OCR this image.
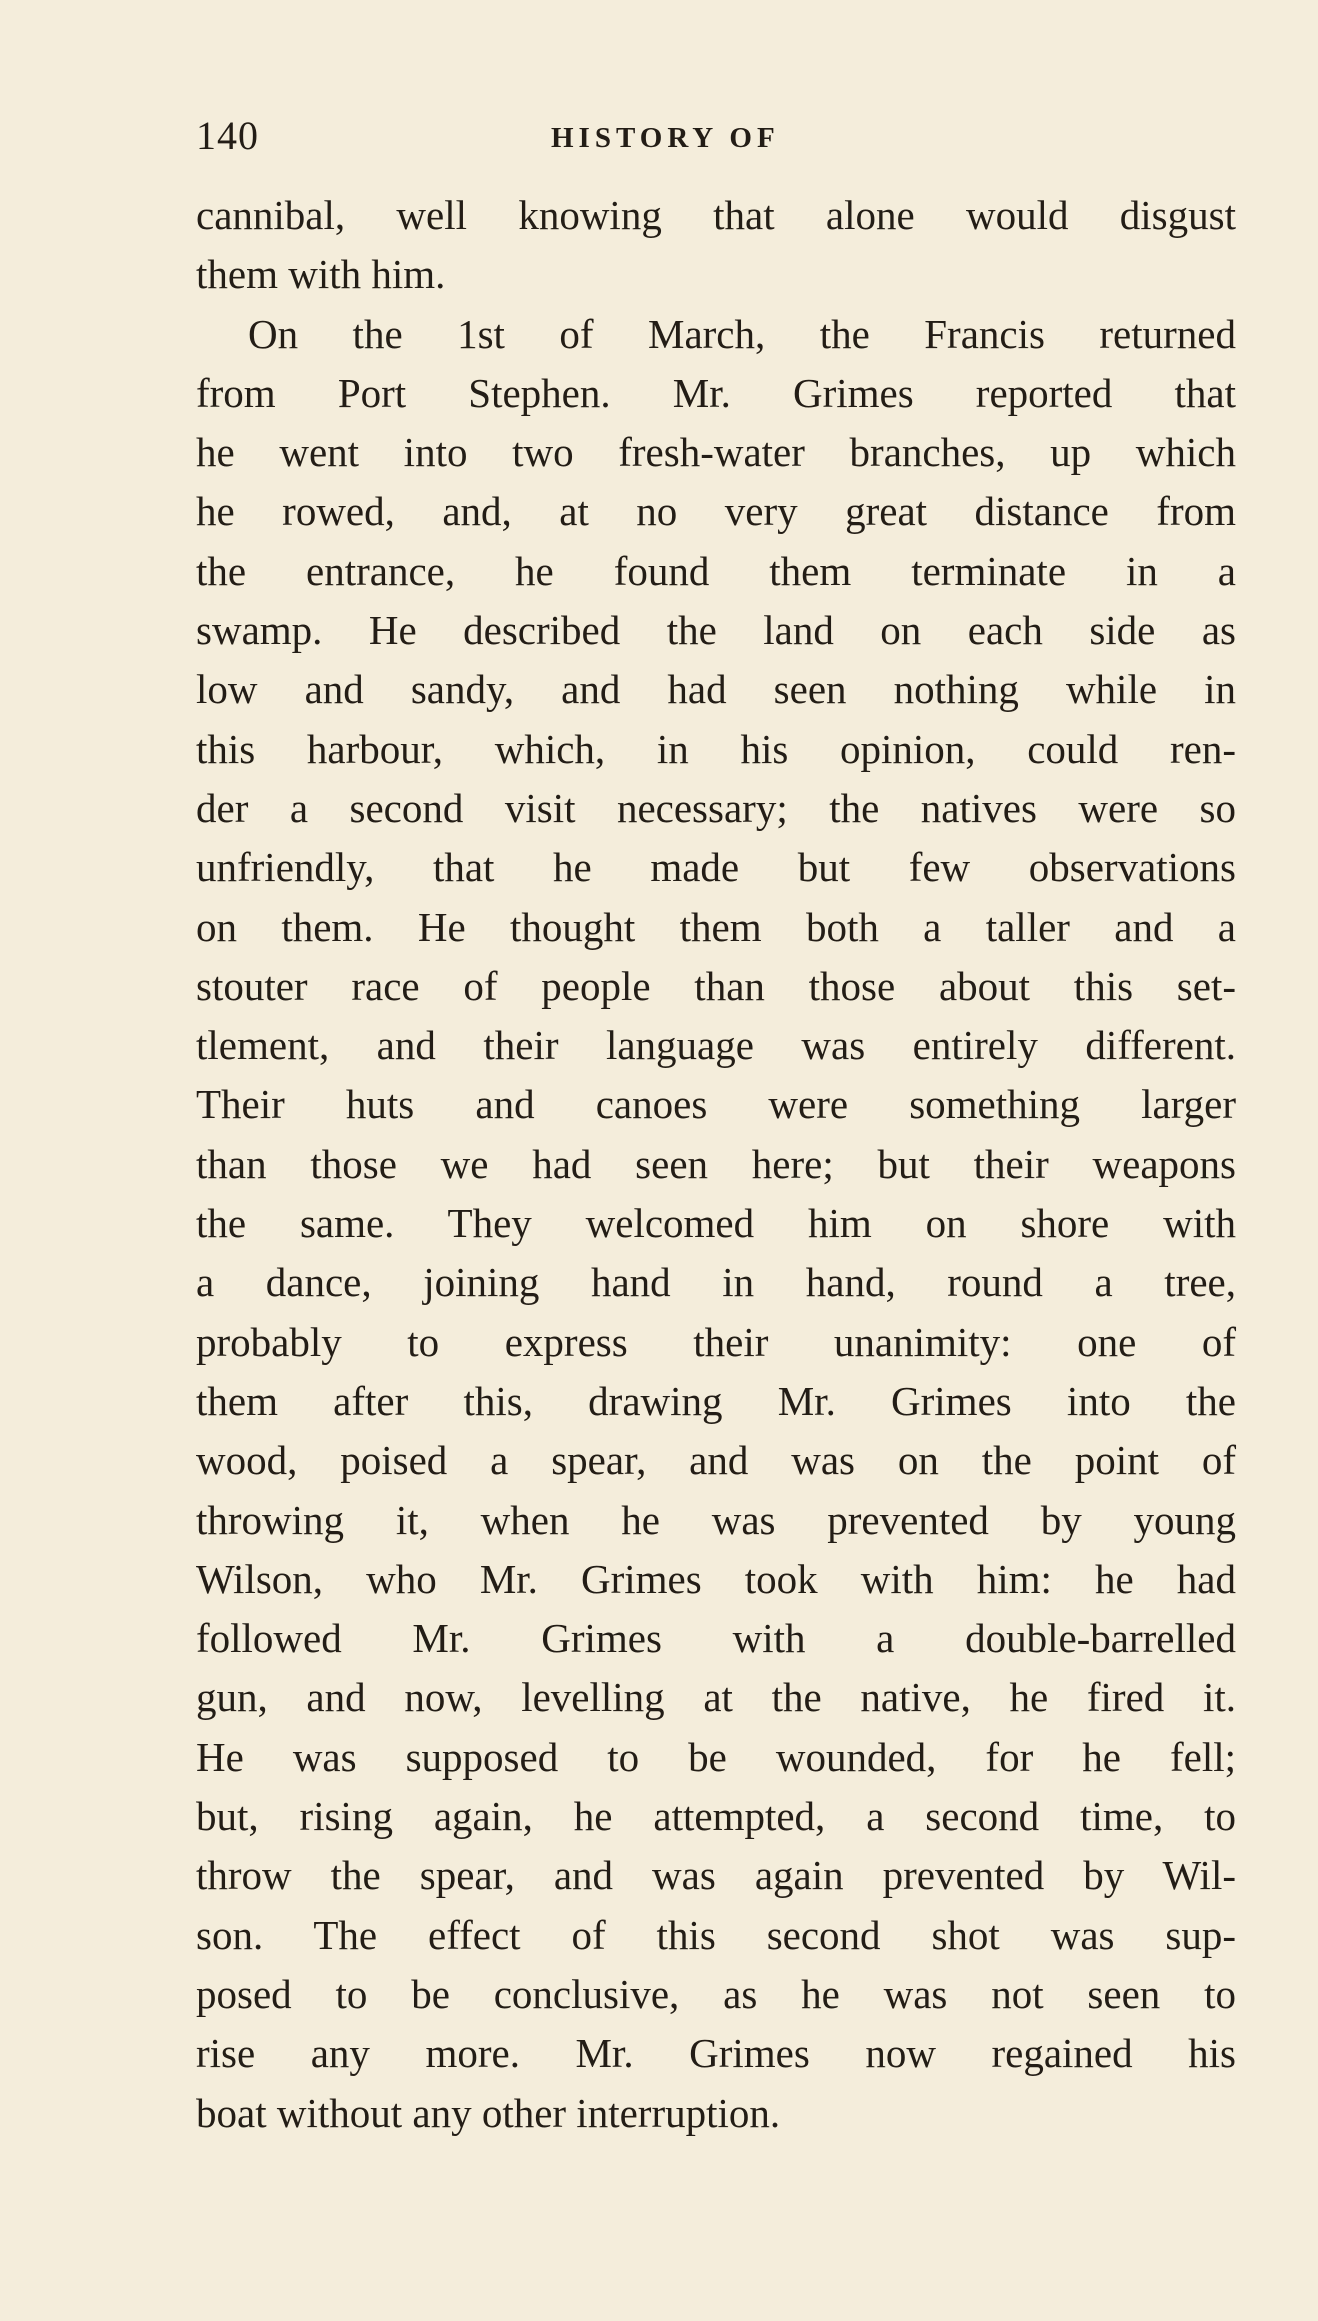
140	HISTORY OF
cannibal, well knowing that alone would disgust
them with him.
On the 1st of March, the Francis returned
from Port Stephen. Mr. Grimes reported that
he went into two fresh-water branches, up which
he rowed, and, at no very great distance from
the entrance, he found them terminate in a
swamp. He described the land on each side as
low and sandy, and had seen nothing while in
this harbour, which, in his opinion, could ren-
der a second visit necessary; the natives were so
unfriendly, that he made but few observations
on them. He thought them both a taller and a
stouter race of people than those about this set-
tlement, and their language was entirely different.
Their huts and canoes were something larger
than those we had seen here; but their weapons
the same. They welcomed him on shore with
a dance, joining hand in hand, round a tree,
probably to express their unanimity: one of
them after this, drawing Mr. Grimes into the
wood, poised a spear, and was on the point of
throwing it, when he was prevented by young
Wilson, who Mr. Grimes took with him: he had
followed Mr. Grimes with a double-barrelled
gun, and now, levelling at the native, he fired it.
He was supposed to be wounded, for he fell;
but, rising again, he attempted, a second time, to
throw the spear, and was again prevented by Wil-
son. The effect of this second shot was sup-
posed to be conclusive, as he was not seen to
rise any more. Mr. Grimes now regained his
boat without any other interruption.
